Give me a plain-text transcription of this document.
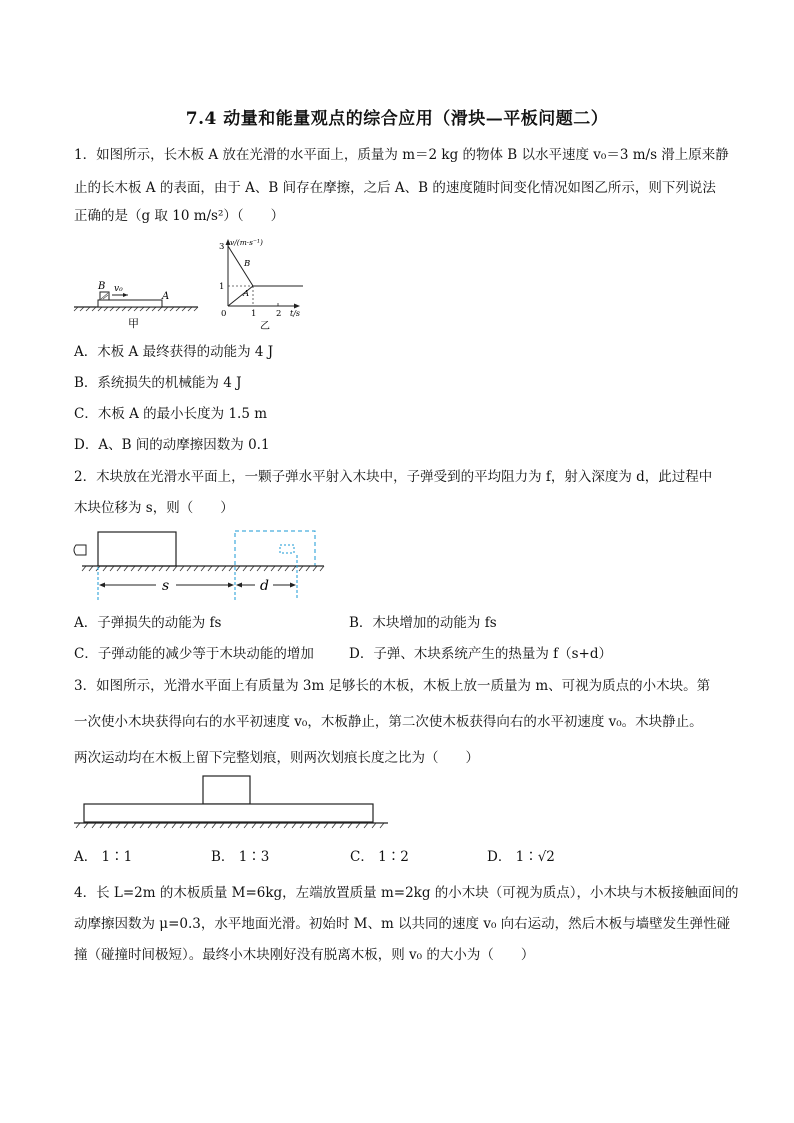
7.4 动量和能量观点的综合应用（滑块—平板问题二）
1．如图所示，长木板 A 放在光滑的水平面上，质量为 m＝2 kg 的物体 B 以水平速度 v₀＝3 m/s 滑上原来静
止的长木板 A 的表面，由于 A、B 间存在摩擦，之后 A、B 的速度随时间变化情况如图乙所示，则下列说法
正确的是（g 取 10 m/s²）（　　）
B v₀
A
甲
3
1
0	1 2
v/(m·s⁻¹)
t/s
B
A
乙
A．木板 A 最终获得的动能为 4 J
B．系统损失的机械能为 4 J
C．木板 A 的最小长度为 1.5 m
D．A、B 间的动摩擦因数为 0.1
2．木块放在光滑水平面上，一颗子弹水平射入木块中，子弹受到的平均阻力为 f，射入深度为 d，此过程中
木块位移为 s，则（　　）
s	d
A．子弹损失的动能为 fs	B．木块增加的动能为 fs
C．子弹动能的减少等于木块动能的增加	D．子弹、木块系统产生的热量为 f（s+d）
3．如图所示，光滑水平面上有质量为 3m 足够长的木板，木板上放一质量为 m、可视为质点的小木块。第
一次使小木块获得向右的水平初速度 v₀，木板静止，第二次使木板获得向右的水平初速度 v₀。木块静止。
两次运动均在木板上留下完整划痕，则两次划痕长度之比为（　　）
A． 1∶1	B． 1∶3	C． 1∶2	D． 1∶√2
4．长 L=2m 的木板质量 M=6kg，左端放置质量 m=2kg 的小木块（可视为质点），小木块与木板接触面间的
动摩擦因数为 μ=0.3，水平地面光滑。初始时 M、m 以共同的速度 v₀ 向右运动，然后木板与墙壁发生弹性碰
撞（碰撞时间极短）。最终小木块刚好没有脱离木板，则 v₀ 的大小为（　　）
